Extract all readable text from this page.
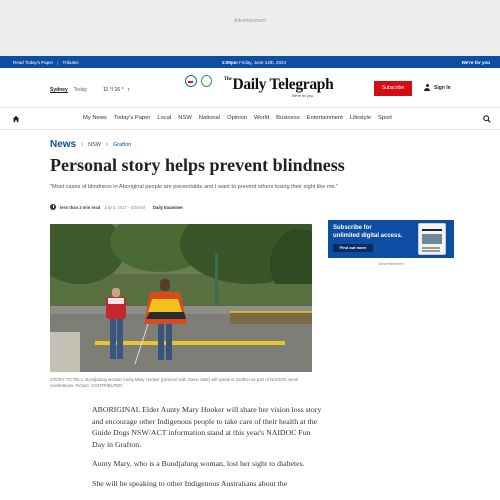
Advertisement
Read Today's Paper | Tributes	2:50pm Friday, June 14th, 2024	We're for you
Sydney Today	11 °/ 16 ° ›
$^{The}$Daily Telegraph
We're for you.
Subscribe	Sign In
My News Today's Paper Local NSW National Opinion World Business Entertainment Lifestyle Sport
News › NSW › Grafton
Personal story helps prevent blindness
"Most cases of blindness in Aboriginal people are preventable and I want to prevent others losing their sight like me."
less than 2 min read July 3, 2017 - 5:00AM Daily Examiner
STORY TO TELL: Bundjalung woman Aunty Mary Hooker (pictured with Gavin Stait) will speak in Grafton as part of NAIDOC week celebrations. Picture: CONTRIBUTED
Subscribe for
unlimited digital access.
Find out more
Advertisement

ABORIGINAL Elder Aunty Mary Hooker will share her vision loss story and encourage other Indigenous people to take care of their health at the Guide Dogs NSW/ACT information stand at this year's NAIDOC Fun Day in Grafton.

Aunty Mary, who is a Bundjalung woman, lost her sight to diabetes.

She will be speaking to other Indigenous Australians about the
